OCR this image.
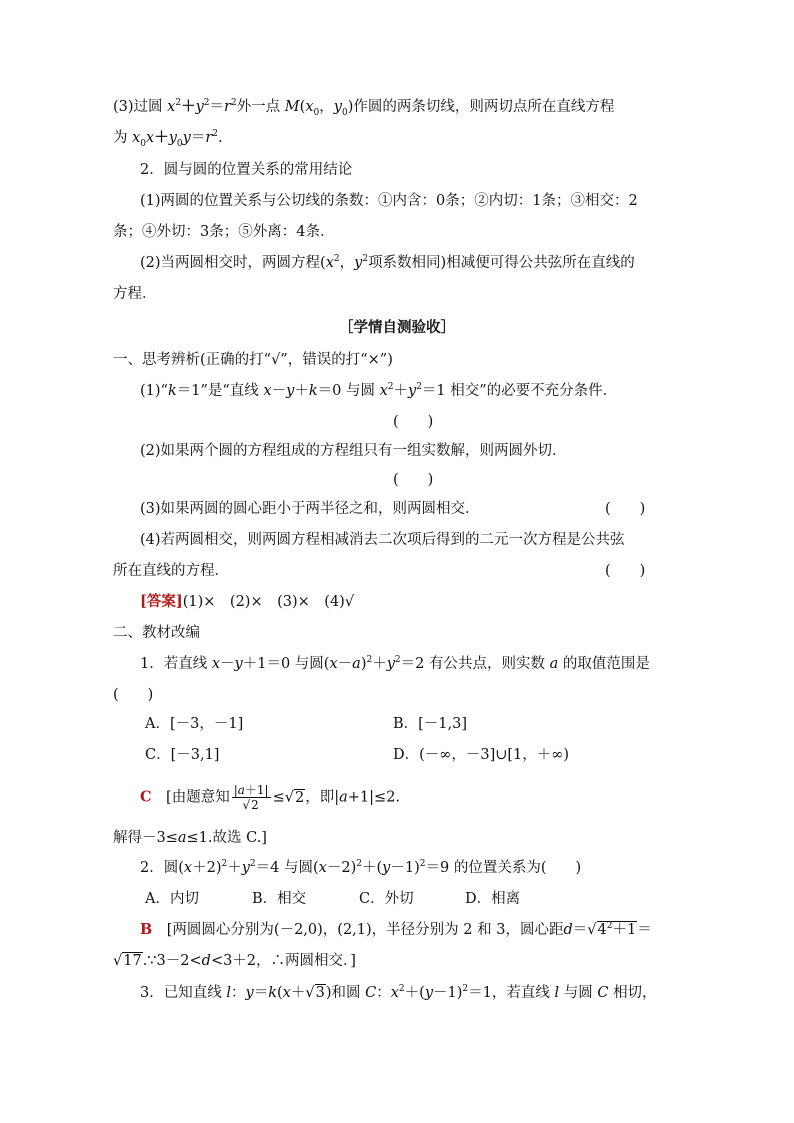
(3)过圆 $x^2+y^2=r^2$外一点 $M(x_0$，$y_0$)作圆的两条切线，则两切点所在直线方程
为 $x_0x+y_0y=r^2$.
2．圆与圆的位置关系的常用结论
(1)两圆的位置关系与公切线的条数：①内含：0条；②内切：1条；③相交：2
条；④外切：3条；⑤外离：4条．
(2)当两圆相交时，两圆方程($x^2$，$y^2$项系数相同)相减便可得公共弦所在直线的
方程．
［学情自测验收］
一、思考辨析(正确的打“√”，错误的打“×”)
(1)“k＝1”是“直线 x－y＋k＝0 与圆 $x^2+y^2=1$ 相交”的必要不充分条件．
(　　)
(2)如果两个圆的方程组成的方程组只有一组实数解，则两圆外切．
(　　)
(3)如果两圆的圆心距小于两半径之和，则两圆相交．	(　　)
(4)若两圆相交，则两圆方程相减消去二次项后得到的二元一次方程是公共弦
所在直线的方程．	(　　)
[答案](1)×　(2)×　(3)×　(4)√
二、教材改编
1．若直线 x－y＋1＝0 与圆$(x-a)^2+y^2=2$ 有公共点，则实数 a 的取值范围是
(　　)
A．[－3，－1]	B．[－1,3]
C．[－3,1]	D．(－∞，－3]∪[1，＋∞)
C　 [由题意知 $\frac{|a+1|}{√2} \le√2$，即|a+1|≤2.
解得－3≤a≤1.故选 C.]
2．圆$(x+2)^2+y^2=4$ 与圆$(x-2)^2+(y-1)^2=9$ 的位置关系为(　　)
A．内切	B．相交	C．外切	D．相离
B　 [两圆圆心分别为(－2,0)，(2,1)，半径分别为 2 和 3，圆心距$d=√4^2+1=$
√17.∵3－2<d<3＋2，∴两圆相交．]
3．已知直线 l：y＝k(x＋√3)和圆 C：$x^2+(y-1)^2=1$，若直线 l 与圆 C 相切，
